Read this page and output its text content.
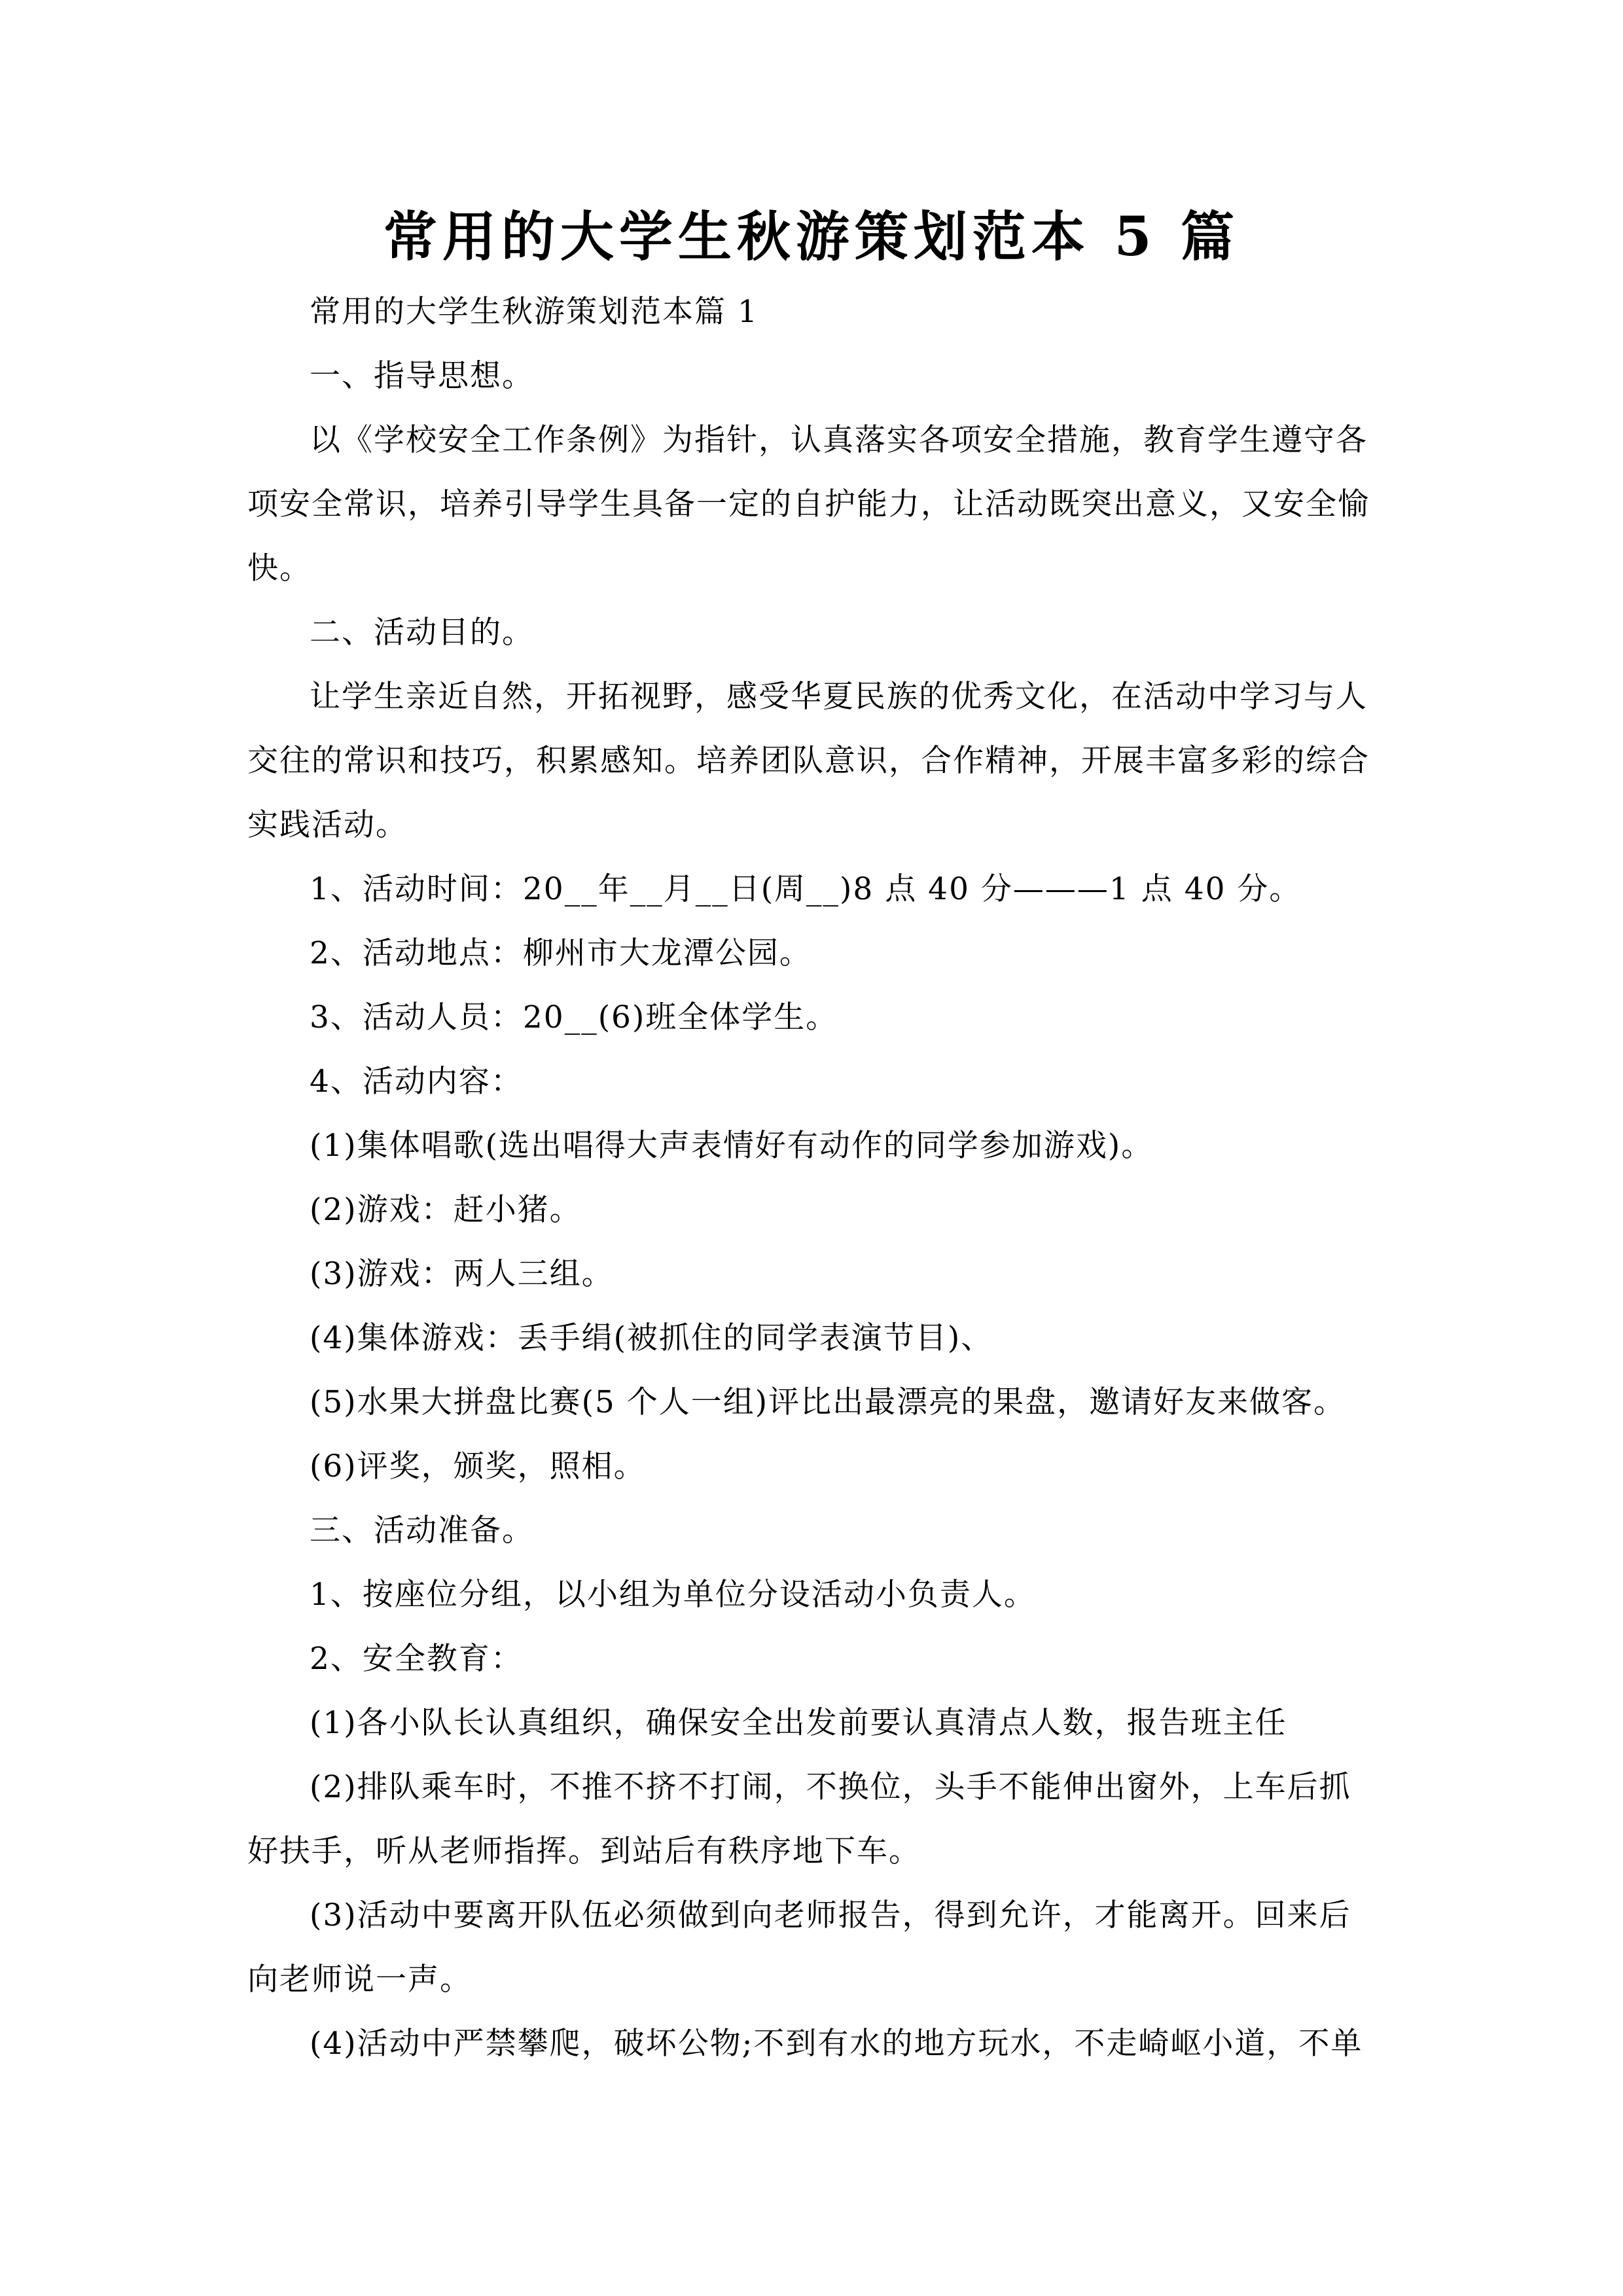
常用的大学生秋游策划范本 5 篇
常用的大学生秋游策划范本篇 1
一、指导思想。
以《学校安全工作条例》为指针，认真落实各项安全措施，教育学生遵守各
项安全常识，培养引导学生具备一定的自护能力，让活动既突出意义，又安全愉
快。
二、活动目的。
让学生亲近自然，开拓视野，感受华夏民族的优秀文化，在活动中学习与人
交往的常识和技巧，积累感知。培养团队意识，合作精神，开展丰富多彩的综合
实践活动。
1、活动时间：20__年__月__日(周__)8 点 40 分———1 点 40 分。
2、活动地点：柳州市大龙潭公园。
3、活动人员：20__(6)班全体学生。
4、活动内容：
(1)集体唱歌(选出唱得大声表情好有动作的同学参加游戏)。
(2)游戏：赶小猪。
(3)游戏：两人三组。
(4)集体游戏：丢手绢(被抓住的同学表演节目)、
(5)水果大拼盘比赛(5 个人一组)评比出最漂亮的果盘，邀请好友来做客。
(6)评奖，颁奖，照相。
三、活动准备。
1、按座位分组，以小组为单位分设活动小负责人。
2、安全教育：
(1)各小队长认真组织，确保安全出发前要认真清点人数，报告班主任
(2)排队乘车时，不推不挤不打闹，不换位，头手不能伸出窗外，上车后抓
好扶手，听从老师指挥。到站后有秩序地下车。
(3)活动中要离开队伍必须做到向老师报告，得到允许，才能离开。回来后
向老师说一声。
(4)活动中严禁攀爬，破坏公物;不到有水的地方玩水，不走崎岖小道，不单
